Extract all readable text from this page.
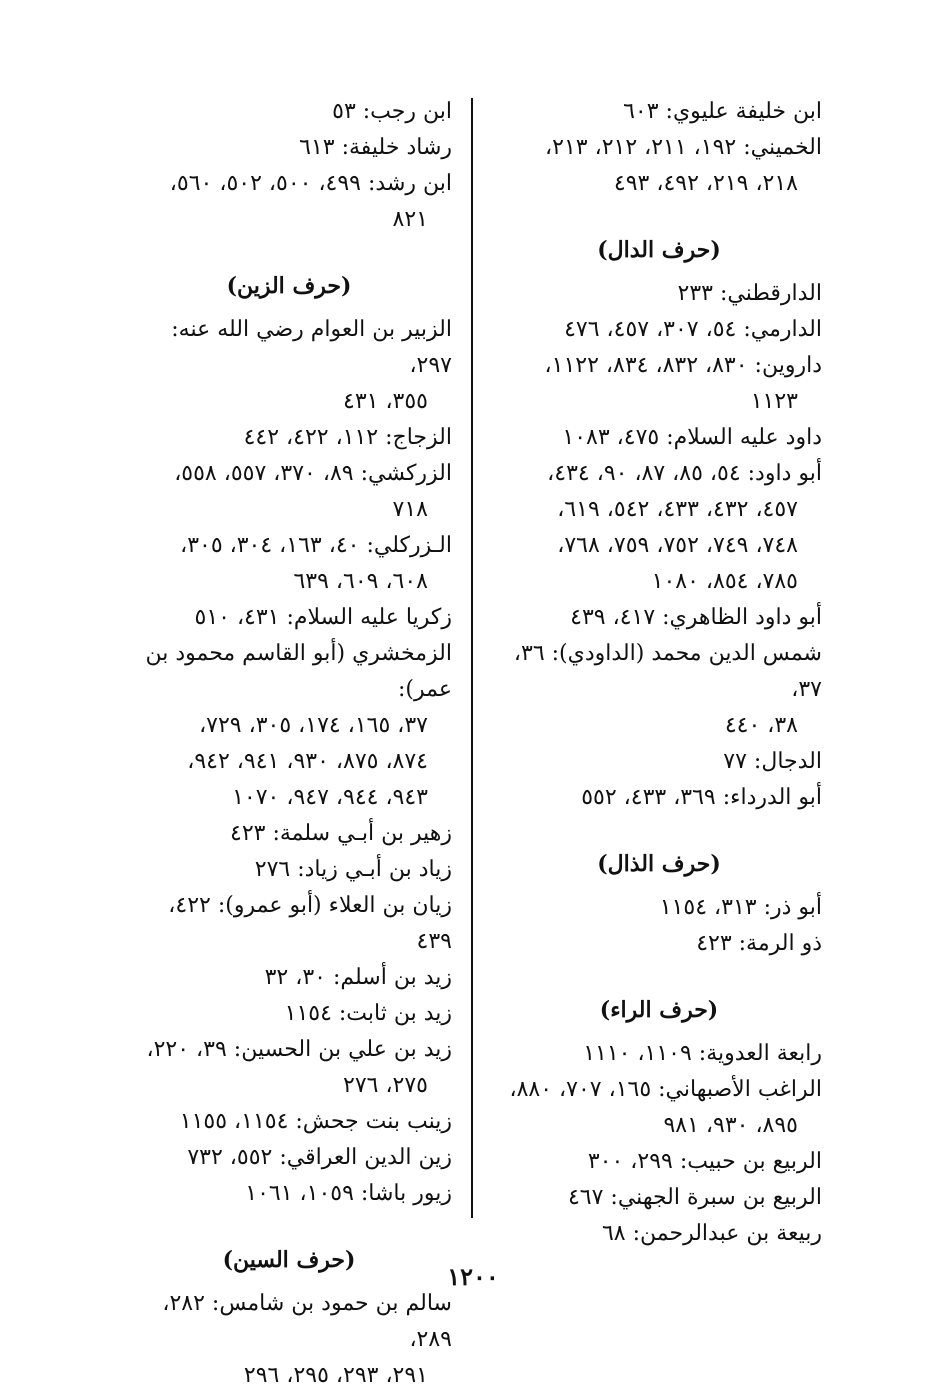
ابن خليفة عليوي: ٦٠٣
الخميني: ١٩٢، ٢١١، ٢١٢، ٢١٣،

٢١٨، ٢١٩، ٤٩٢، ٤٩٣
(حرف الدال)
الدارقطني: ٢٣٣
الدارمي: ٥٤، ٣٠٧، ٤٥٧، ٤٧٦
داروين: ٨٣٠، ٨٣٢، ٨٣٤، ١١٢٢،

١١٢٣
داود عليه السلام: ٤٧٥، ١٠٨٣
أبو داود: ٥٤، ٨٥، ٨٧، ٩٠، ٤٣٤،

٤٥٧، ٤٣٢، ٤٣٣، ٥٤٢، ٦١٩،
٧٤٨، ٧٤٩، ٧٥٢، ٧٥٩، ٧٦٨،
٧٨٥، ٨٥٤، ١٠٨٠
أبو داود الظاهري: ٤١٧، ٤٣٩
شمس الدين محمد (الداودي): ٣٦، ٣٧،

٣٨، ٤٤٠
الدجال: ٧٧
أبو الدرداء: ٣٦٩، ٤٣٣، ٥٥٢
(حرف الذال)
أبو ذر: ٣١٣، ١١٥٤
ذو الرمة: ٤٢٣
(حرف الراء)
رابعة العدوية: ١١٠٩، ١١١٠
الراغب الأصبهاني: ١٦٥، ٧٠٧، ٨٨٠،

٨٩٥، ٩٣٠، ٩٨١
الربيع بن حبيب: ٢٩٩، ٣٠٠
الربيع بن سبرة الجهني: ٤٦٧
ربيعة بن عبدالرحمن: ٦٨
ابن رجب: ٥٣
رشاد خليفة: ٦١٣
ابن رشد: ٤٩٩، ٥٠٠، ٥٠٢، ٥٦٠،

٨٢١
(حرف الزين)
الزبير بن العوام رضي الله عنه: ٢٩٧،

٣٥٥، ٤٣١
الزجاج: ١١٢، ٤٢٢، ٤٤٢
الزركشي: ٨٩، ٣٧٠، ٥٥٧، ٥٥٨،

٧١٨
الـزركلي: ٤٠، ١٦٣، ٣٠٤، ٣٠٥،

٦٠٨، ٦٠٩، ٦٣٩
زكريا عليه السلام: ٤٣١، ٥١٠
الزمخشري (أبو القاسم محمود بن عمر):

٣٧، ١٦٥، ١٧٤، ٣٠٥، ٧٢٩،
٨٧٤، ٨٧٥، ٩٣٠، ٩٤١، ٩٤٢،
٩٤٣، ٩٤٤، ٩٤٧، ١٠٧٠
زهير بن أبـي سلمة: ٤٢٣
زياد بن أبـي زياد: ٢٧٦
زيان بن العلاء (أبو عمرو): ٤٢٢، ٤٣٩
زيد بن أسلم: ٣٠، ٣٢
زيد بن ثابت: ١١٥٤
زيد بن علي بن الحسين: ٣٩، ٢٢٠،

٢٧٥، ٢٧٦
زينب بنت جحش: ١١٥٤، ١١٥٥
زين الدين العراقي: ٥٥٢، ٧٣٢
زيور باشا: ١٠٥٩، ١٠٦١
(حرف السين)
سالم بن حمود بن شامس: ٢٨٢، ٢٨٩،

٢٩١، ٢٩٣، ٢٩٥، ٢٩٦
١٢٠٠
